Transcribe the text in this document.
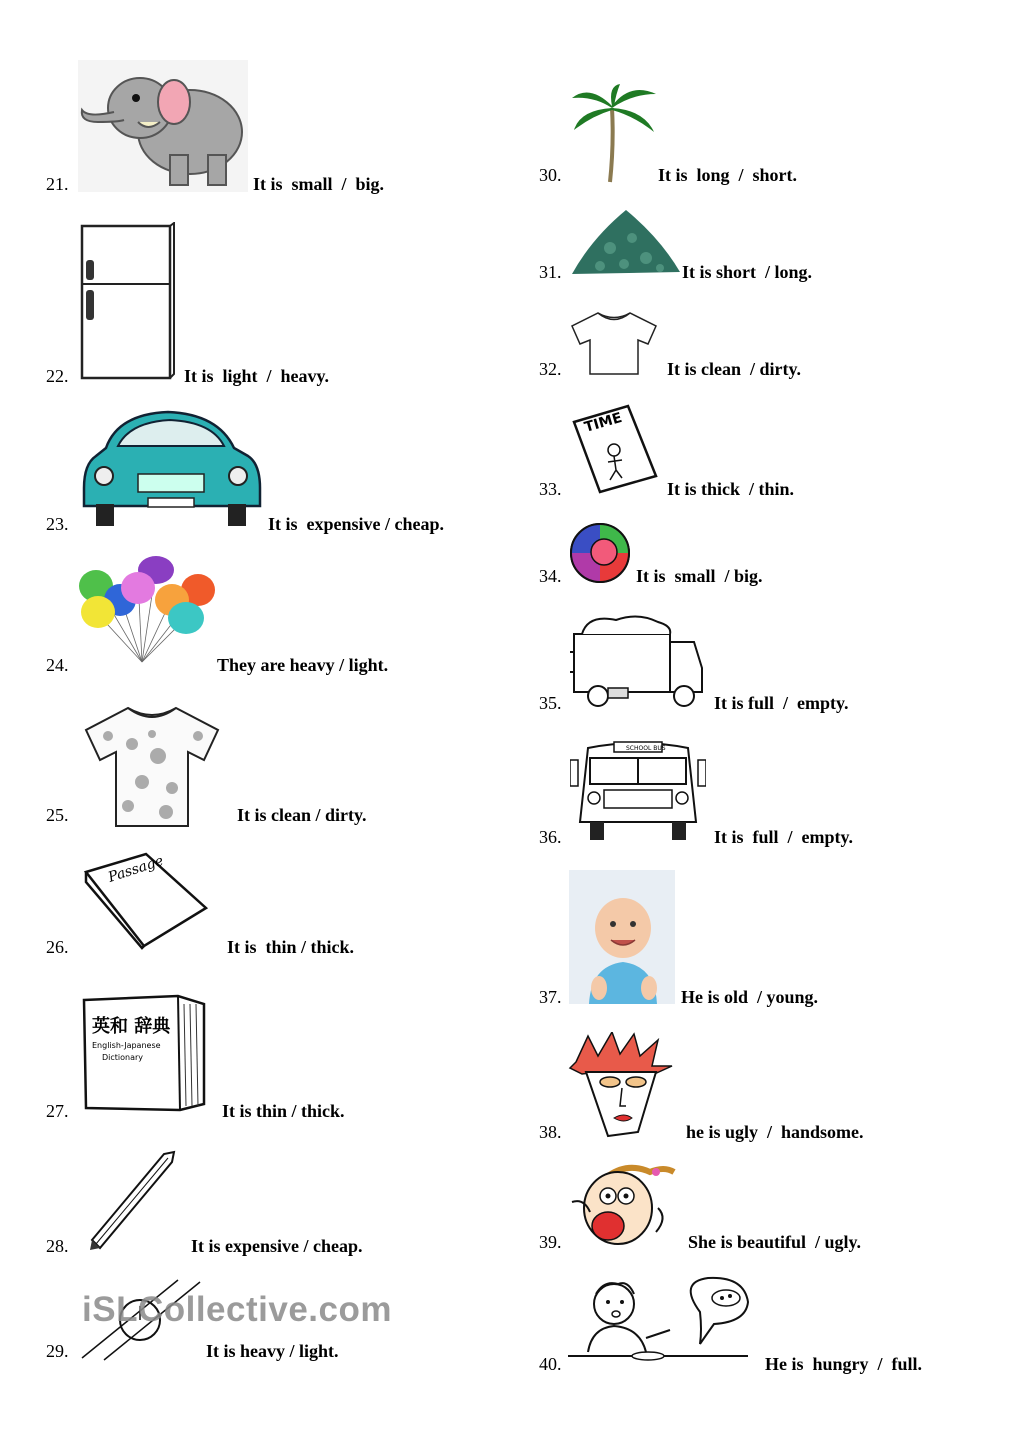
21.	It is  small  /  big.
22.	It is  light  /  heavy.
23.	It is  expensive / cheap.
24.	They are heavy / light.
25.	It is clean / dirty.
Passage
26.	It is  thin / thick.
英和 辞典
English-Japanese
Dictionary
27.	It is thin / thick.
28.	It is expensive / cheap.
iSLCollective.com
29.	It is heavy / light.
30.	It is  long  /  short.
31.	It is short  / long.
32.	It is clean  / dirty.
TIME
33.	It is thick  / thin.
34.	It is  small  / big.
35.	It is full  /  empty.
SCHOOL BUS
36.	It is  full  /  empty.
37.	He is old  / young.
38.	he is ugly  /  handsome.
39.	She is beautiful  / ugly.
40.	He is  hungry  /  full.
